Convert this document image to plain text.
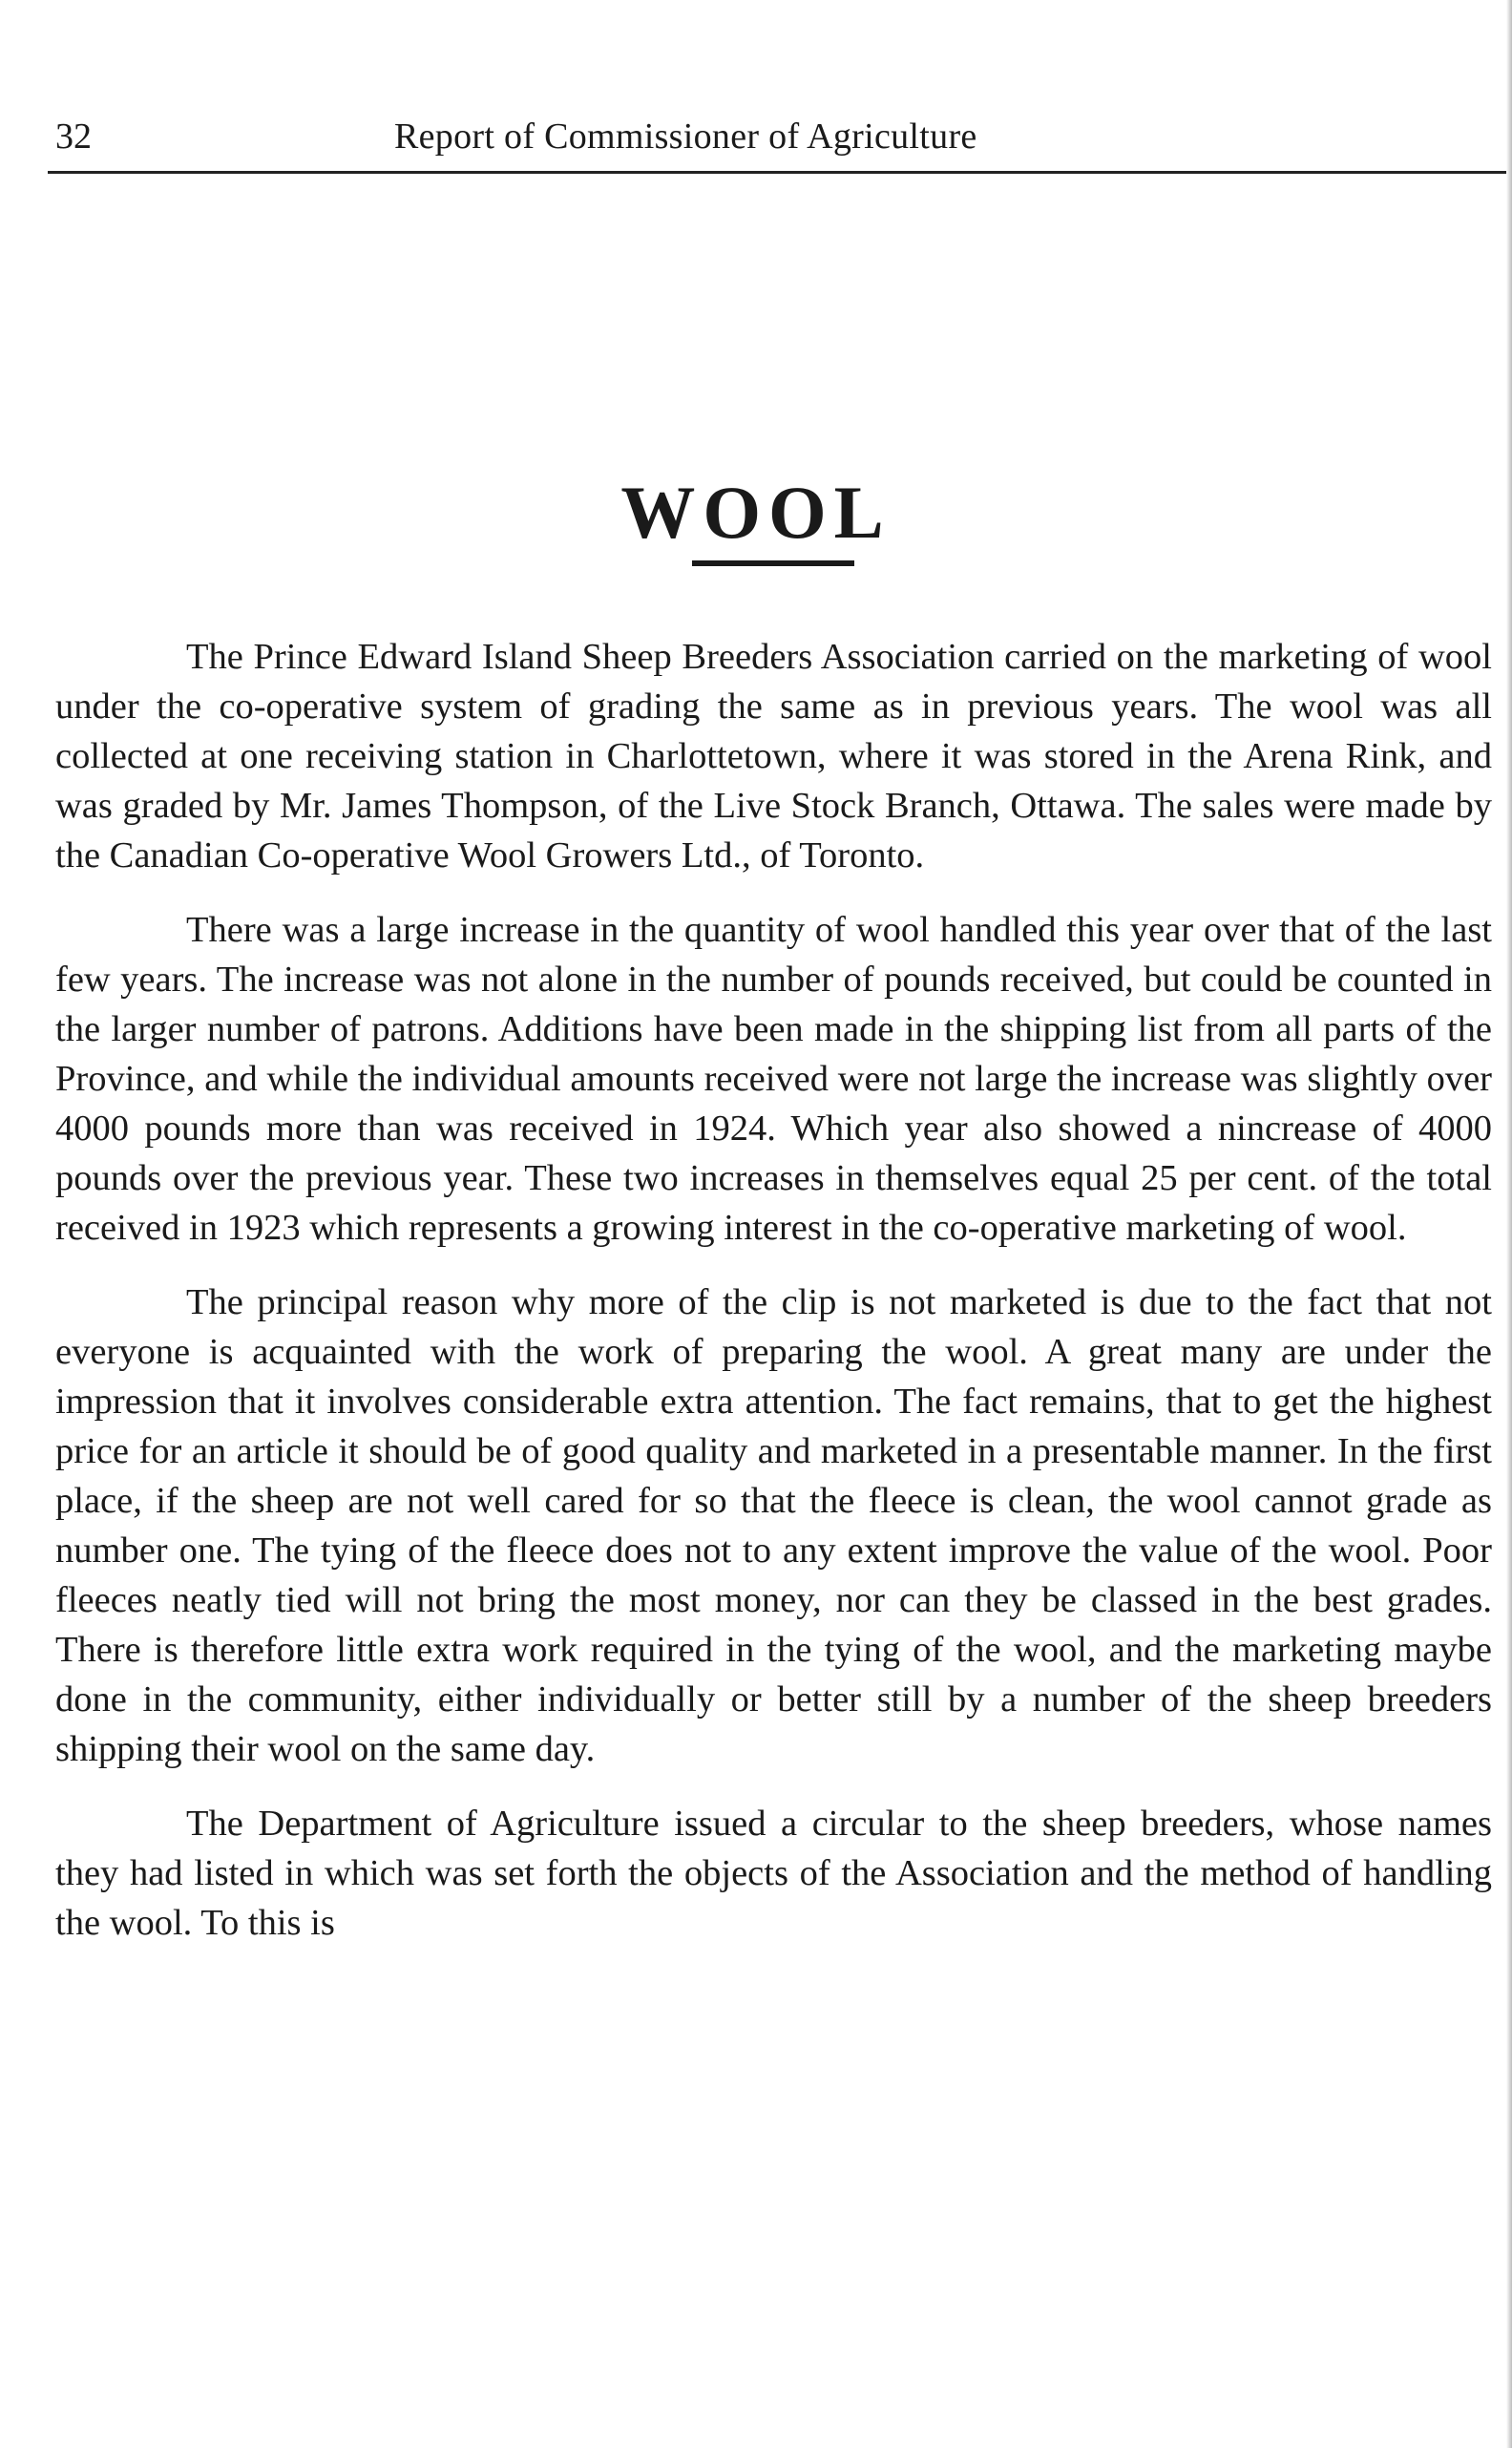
32	Report of Commissioner of Agriculture
WOOL

The Prince Edward Island Sheep Breeders Association carried on the marketing of wool under the co-operative system of grading the same as in previous years. The wool was all collected at one receiving station in Charlottetown, where it was stored in the Arena Rink, and was graded by Mr. James Thompson, of the Live Stock Branch, Ottawa. The sales were made by the Canadian Co-operative Wool Growers Ltd., of Toronto.

There was a large increase in the quantity of wool handled this year over that of the last few years. The increase was not alone in the number of pounds received, but could be counted in the larger number of patrons. Additions have been made in the shipping list from all parts of the Province, and while the individual amounts received were not large the increase was slightly over 4000 pounds more than was received in 1924. Which year also showed a nincrease of 4000 pounds over the previous year. These two increases in themselves equal 25 per cent. of the total received in 1923 which represents a growing interest in the co-operative marketing of wool.

The principal reason why more of the clip is not marketed is due to the fact that not everyone is acquainted with the work of preparing the wool. A great many are under the impression that it involves considerable extra attention. The fact remains, that to get the highest price for an article it should be of good quality and marketed in a presentable manner. In the first place, if the sheep are not well cared for so that the fleece is clean, the wool cannot grade as number one. The tying of the fleece does not to any extent improve the value of the wool. Poor fleeces neatly tied will not bring the most money, nor can they be classed in the best grades. There is therefore little extra work required in the tying of the wool, and the marketing maybe done in the community, either individually or better still by a number of the sheep breeders shipping their wool on the same day.

The Department of Agriculture issued a circular to the sheep breeders, whose names they had listed in which was set forth the objects of the Association and the method of handling the wool. To this is
